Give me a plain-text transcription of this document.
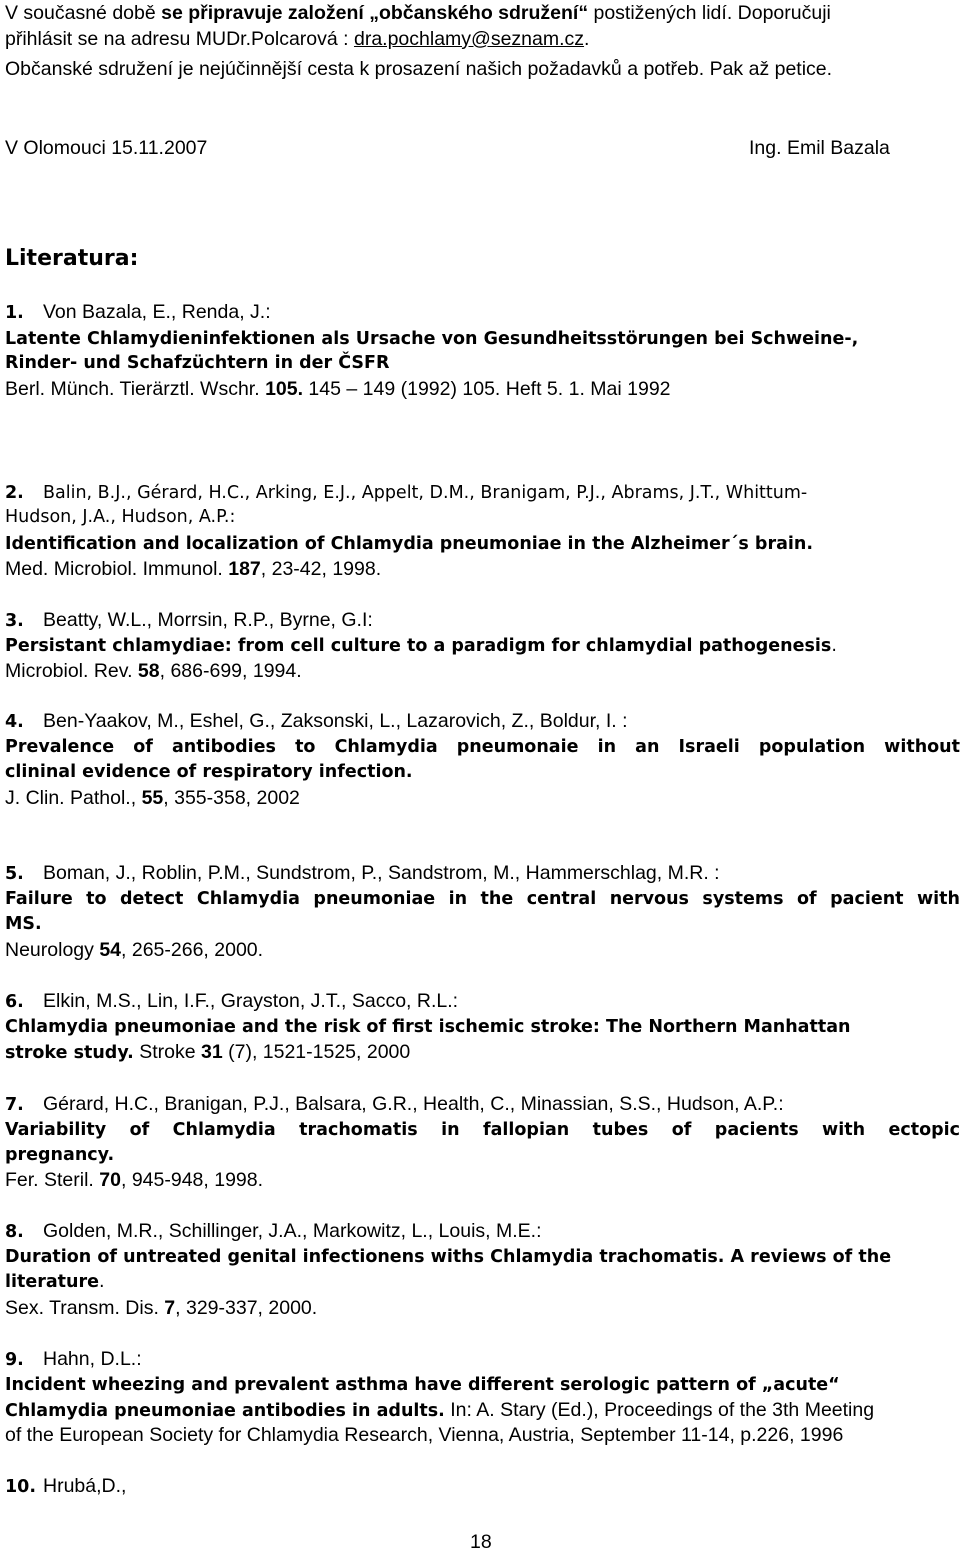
V současné době se připravuje založení „občanského sdružení“ postižených lidí. Doporučuji
přihlásit se na adresu MUDr.Polcarová : dra.pochlamy@seznam.cz.
Občanské sdružení je nejúčinnější cesta k prosazení našich požadavků a potřeb. Pak až petice.
V Olomouci 15.11.2007	Ing. Emil Bazala
Literatura:
1. Von Bazala, E., Renda, J.:
Latente Chlamydieninfektionen als Ursache von Gesundheitsstörungen bei Schweine-,
Rinder- und Schafzüchtern in der ČSFR
Berl. Münch. Tierärztl. Wschr. 105. 145 – 149 (1992) 105. Heft 5. 1. Mai 1992
2. Balin, B.J., Gérard, H.C., Arking, E.J., Appelt, D.M., Branigam, P.J., Abrams, J.T., Whittum-
Hudson, J.A., Hudson, A.P.:
Identification and localization of Chlamydia pneumoniae in the Alzheimer´s brain.
Med. Microbiol. Immunol. 187, 23-42, 1998.
3. Beatty, W.L., Morrsin, R.P., Byrne, G.I:
Persistant chlamydiae: from cell culture to a paradigm for chlamydial pathogenesis.
Microbiol. Rev. 58, 686-699, 1994.
4. Ben-Yaakov, M., Eshel, G., Zaksonski, L., Lazarovich, Z., Boldur, I. :
Prevalence of antibodies to Chlamydia pneumonaie in an Israeli population without
clininal evidence of respiratory infection.
J. Clin. Pathol., 55, 355-358, 2002
5. Boman, J., Roblin, P.M., Sundstrom, P., Sandstrom, M., Hammerschlag, M.R. :
Failure to detect Chlamydia pneumoniae in the central nervous systems of pacient with
MS.
Neurology 54, 265-266, 2000.
6. Elkin, M.S., Lin, I.F., Grayston, J.T., Sacco, R.L.:
Chlamydia pneumoniae and the risk of first ischemic stroke: The Northern Manhattan
stroke study. Stroke 31 (7), 1521-1525, 2000
7. Gérard, H.C., Branigan, P.J., Balsara, G.R., Health, C., Minassian, S.S., Hudson, A.P.:
Variability of Chlamydia trachomatis in fallopian tubes of pacients with ectopic
pregnancy.
Fer. Steril. 70, 945-948, 1998.
8. Golden, M.R., Schillinger, J.A., Markowitz, L., Louis, M.E.:
Duration of untreated genital infectionens withs Chlamydia trachomatis. A reviews of the
literature.
Sex. Transm. Dis. 7, 329-337, 2000.
9. Hahn, D.L.:
Incident wheezing and prevalent asthma have different serologic pattern of „acute“
Chlamydia pneumoniae antibodies in adults. In: A. Stary (Ed.), Proceedings of the 3th Meeting
of the European Society for Chlamydia Research, Vienna, Austria, September 11-14, p.226, 1996
10. Hrubá,D.,
18
